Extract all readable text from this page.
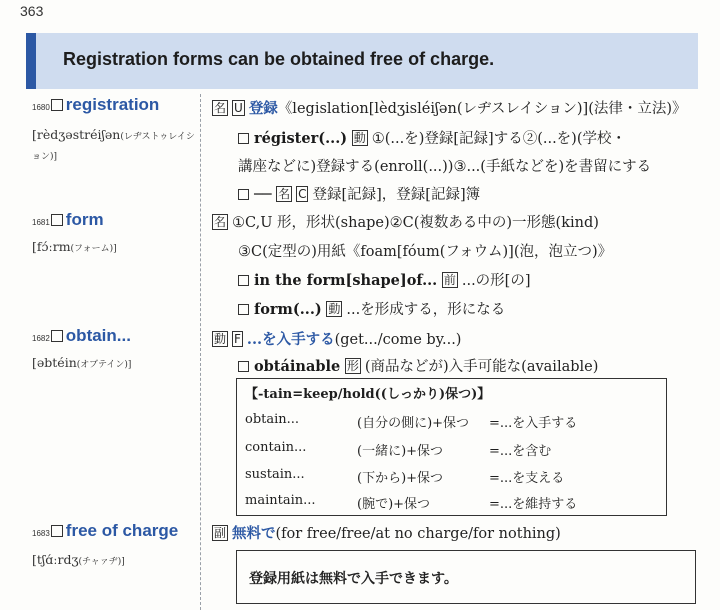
363
Registration forms can be obtained free of charge.
1680 registration
[rèdʒəstréiʃən(レヂストゥレイション)]
名 U 登録《legislation[lèdʒisléiʃən(レヂスレイション)](法律・立法)》
régister(...) 動 ①(...を)登録[記録]する②(...を)(学校・
講座などに)登録する(enroll(...))③...(手紙などを)を書留にする
── 名 C 登録[記録]，登録[記録]簿
1681 form
[fɔ́ːrm(フォーム)]
名 ①C,U 形，形状(shape)②C(複数ある中の)一形態(kind)
③C(定型の)用紙《foam[fóum(フォウム)](泡，泡立つ)》
in the form[shape]of... 前 ...の形[の]
form(...) 動 ...を形成する，形になる
1682 obtain...
[əbtéin(オブテイン)]
動 F ...を入手する(get.../come by...)
obtáinable 形 (商品などが)入手可能な(available)
【-tain=keep/hold((しっかり)保つ)】
obtain...	(自分の側に)+保つ =...を入手する
contain...	(一緒に)+保つ	=...を含む
sustain...	(下から)+保つ	=...を支える
maintain...	(腕で)+保つ	=...を維持する
1683 free of charge
[tʃɑ́ːrdʒ(チャァヂ)]
副 無料で(for free/free/at no charge/for nothing)
登録用紙は無料で入手できます。
